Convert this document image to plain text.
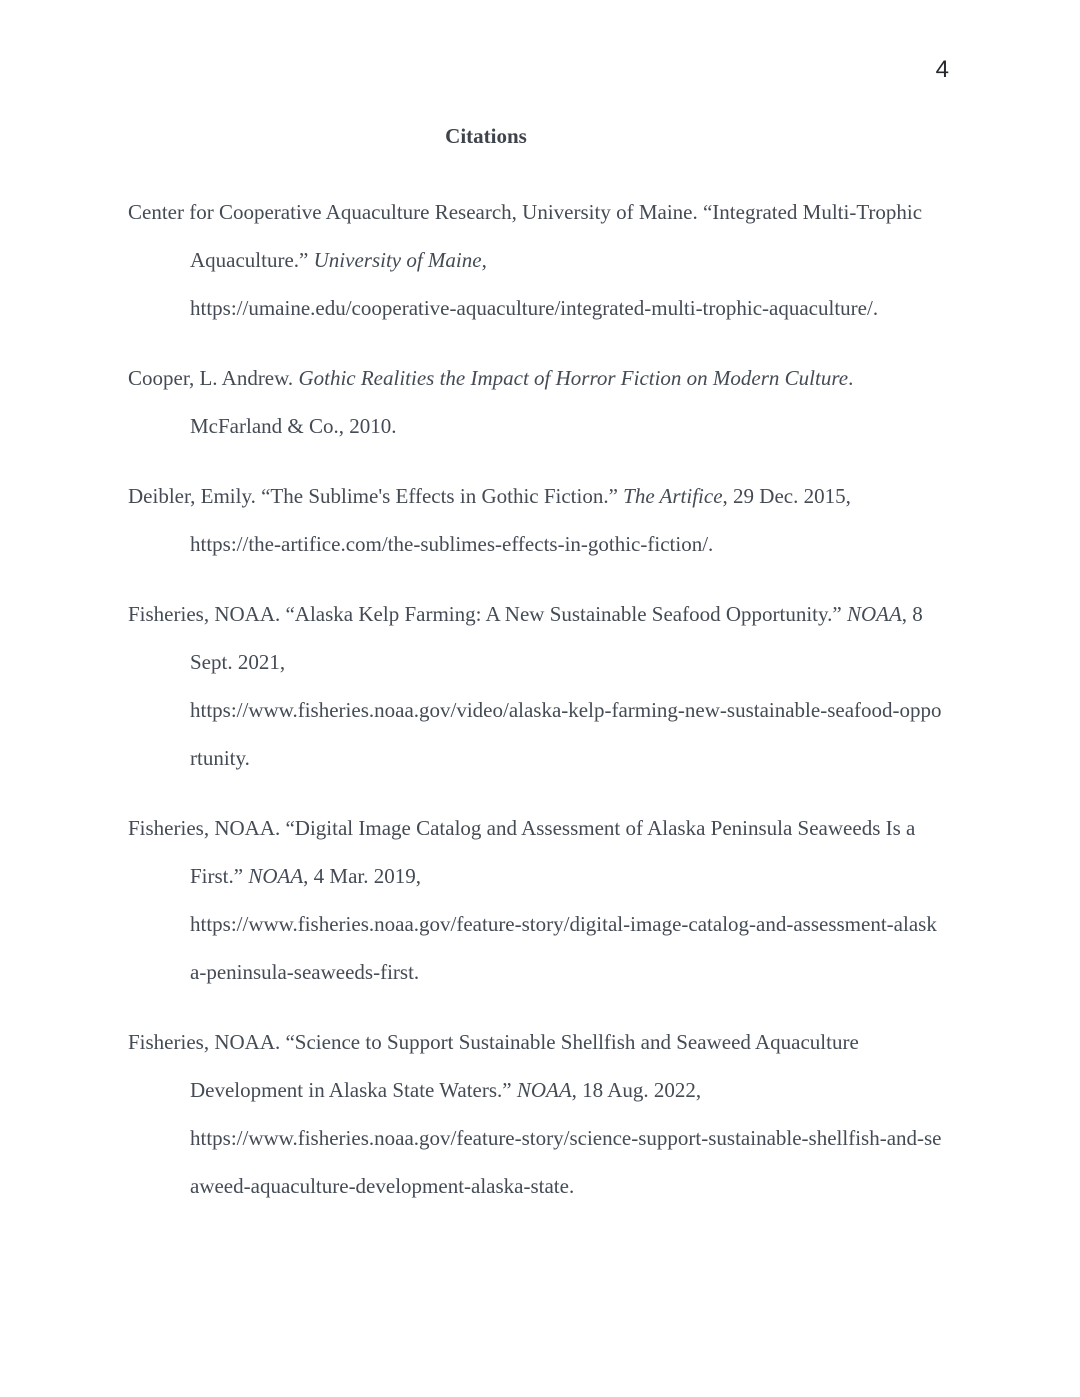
4
Citations
Center for Cooperative Aquaculture Research, University of Maine. “Integrated Multi-Trophic
Aquaculture.” University of Maine,
https://umaine.edu/cooperative-aquaculture/integrated-multi-trophic-aquaculture/.
Cooper, L. Andrew. Gothic Realities the Impact of Horror Fiction on Modern Culture.
McFarland & Co., 2010.
Deibler, Emily. “The Sublime's Effects in Gothic Fiction.” The Artifice, 29 Dec. 2015,
https://the-artifice.com/the-sublimes-effects-in-gothic-fiction/.
Fisheries, NOAA. “Alaska Kelp Farming: A New Sustainable Seafood Opportunity.” NOAA, 8
Sept. 2021,
https://www.fisheries.noaa.gov/video/alaska-kelp-farming-new-sustainable-seafood-oppo
rtunity.
Fisheries, NOAA. “Digital Image Catalog and Assessment of Alaska Peninsula Seaweeds Is a
First.” NOAA, 4 Mar. 2019,
https://www.fisheries.noaa.gov/feature-story/digital-image-catalog-and-assessment-alask
a-peninsula-seaweeds-first.
Fisheries, NOAA. “Science to Support Sustainable Shellfish and Seaweed Aquaculture
Development in Alaska State Waters.” NOAA, 18 Aug. 2022,
https://www.fisheries.noaa.gov/feature-story/science-support-sustainable-shellfish-and-se
aweed-aquaculture-development-alaska-state.
